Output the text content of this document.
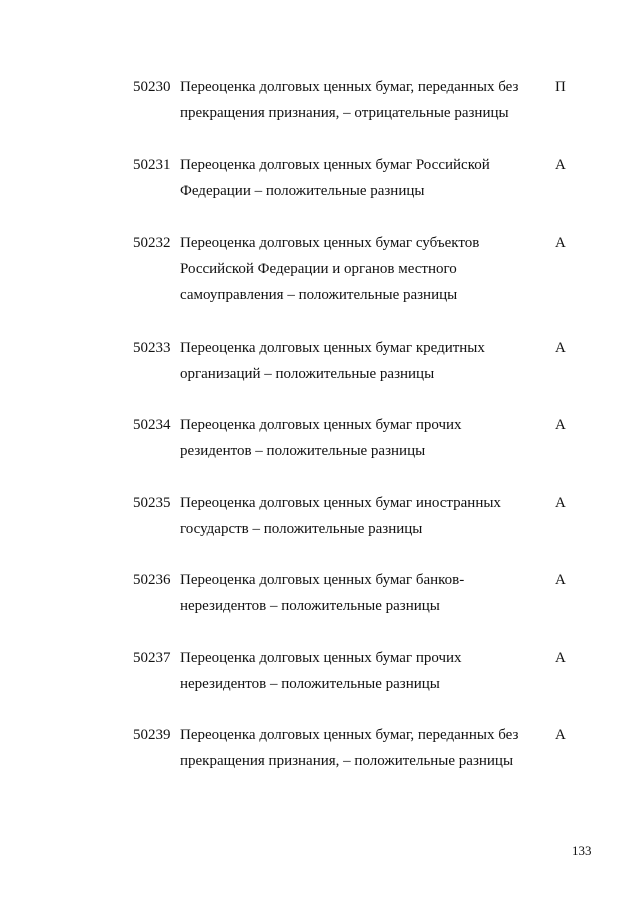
50230 Переоценка долговых ценных бумаг, переданных без
прекращения признания, – отрицательные разницы
П
50231 Переоценка долговых ценных бумаг Российской
Федерации – положительные разницы
А
50232 Переоценка долговых ценных бумаг субъектов
Российской Федерации и органов местного
самоуправления – положительные разницы
А
50233 Переоценка долговых ценных бумаг кредитных
организаций – положительные разницы
А
50234 Переоценка долговых ценных бумаг прочих
резидентов – положительные разницы
А
50235 Переоценка долговых ценных бумаг иностранных
государств – положительные разницы
А
50236 Переоценка долговых ценных бумаг банков-
нерезидентов – положительные разницы
А
50237 Переоценка долговых ценных бумаг прочих
нерезидентов – положительные разницы
А
50239 Переоценка долговых ценных бумаг, переданных без
прекращения признания, – положительные разницы
А
133
